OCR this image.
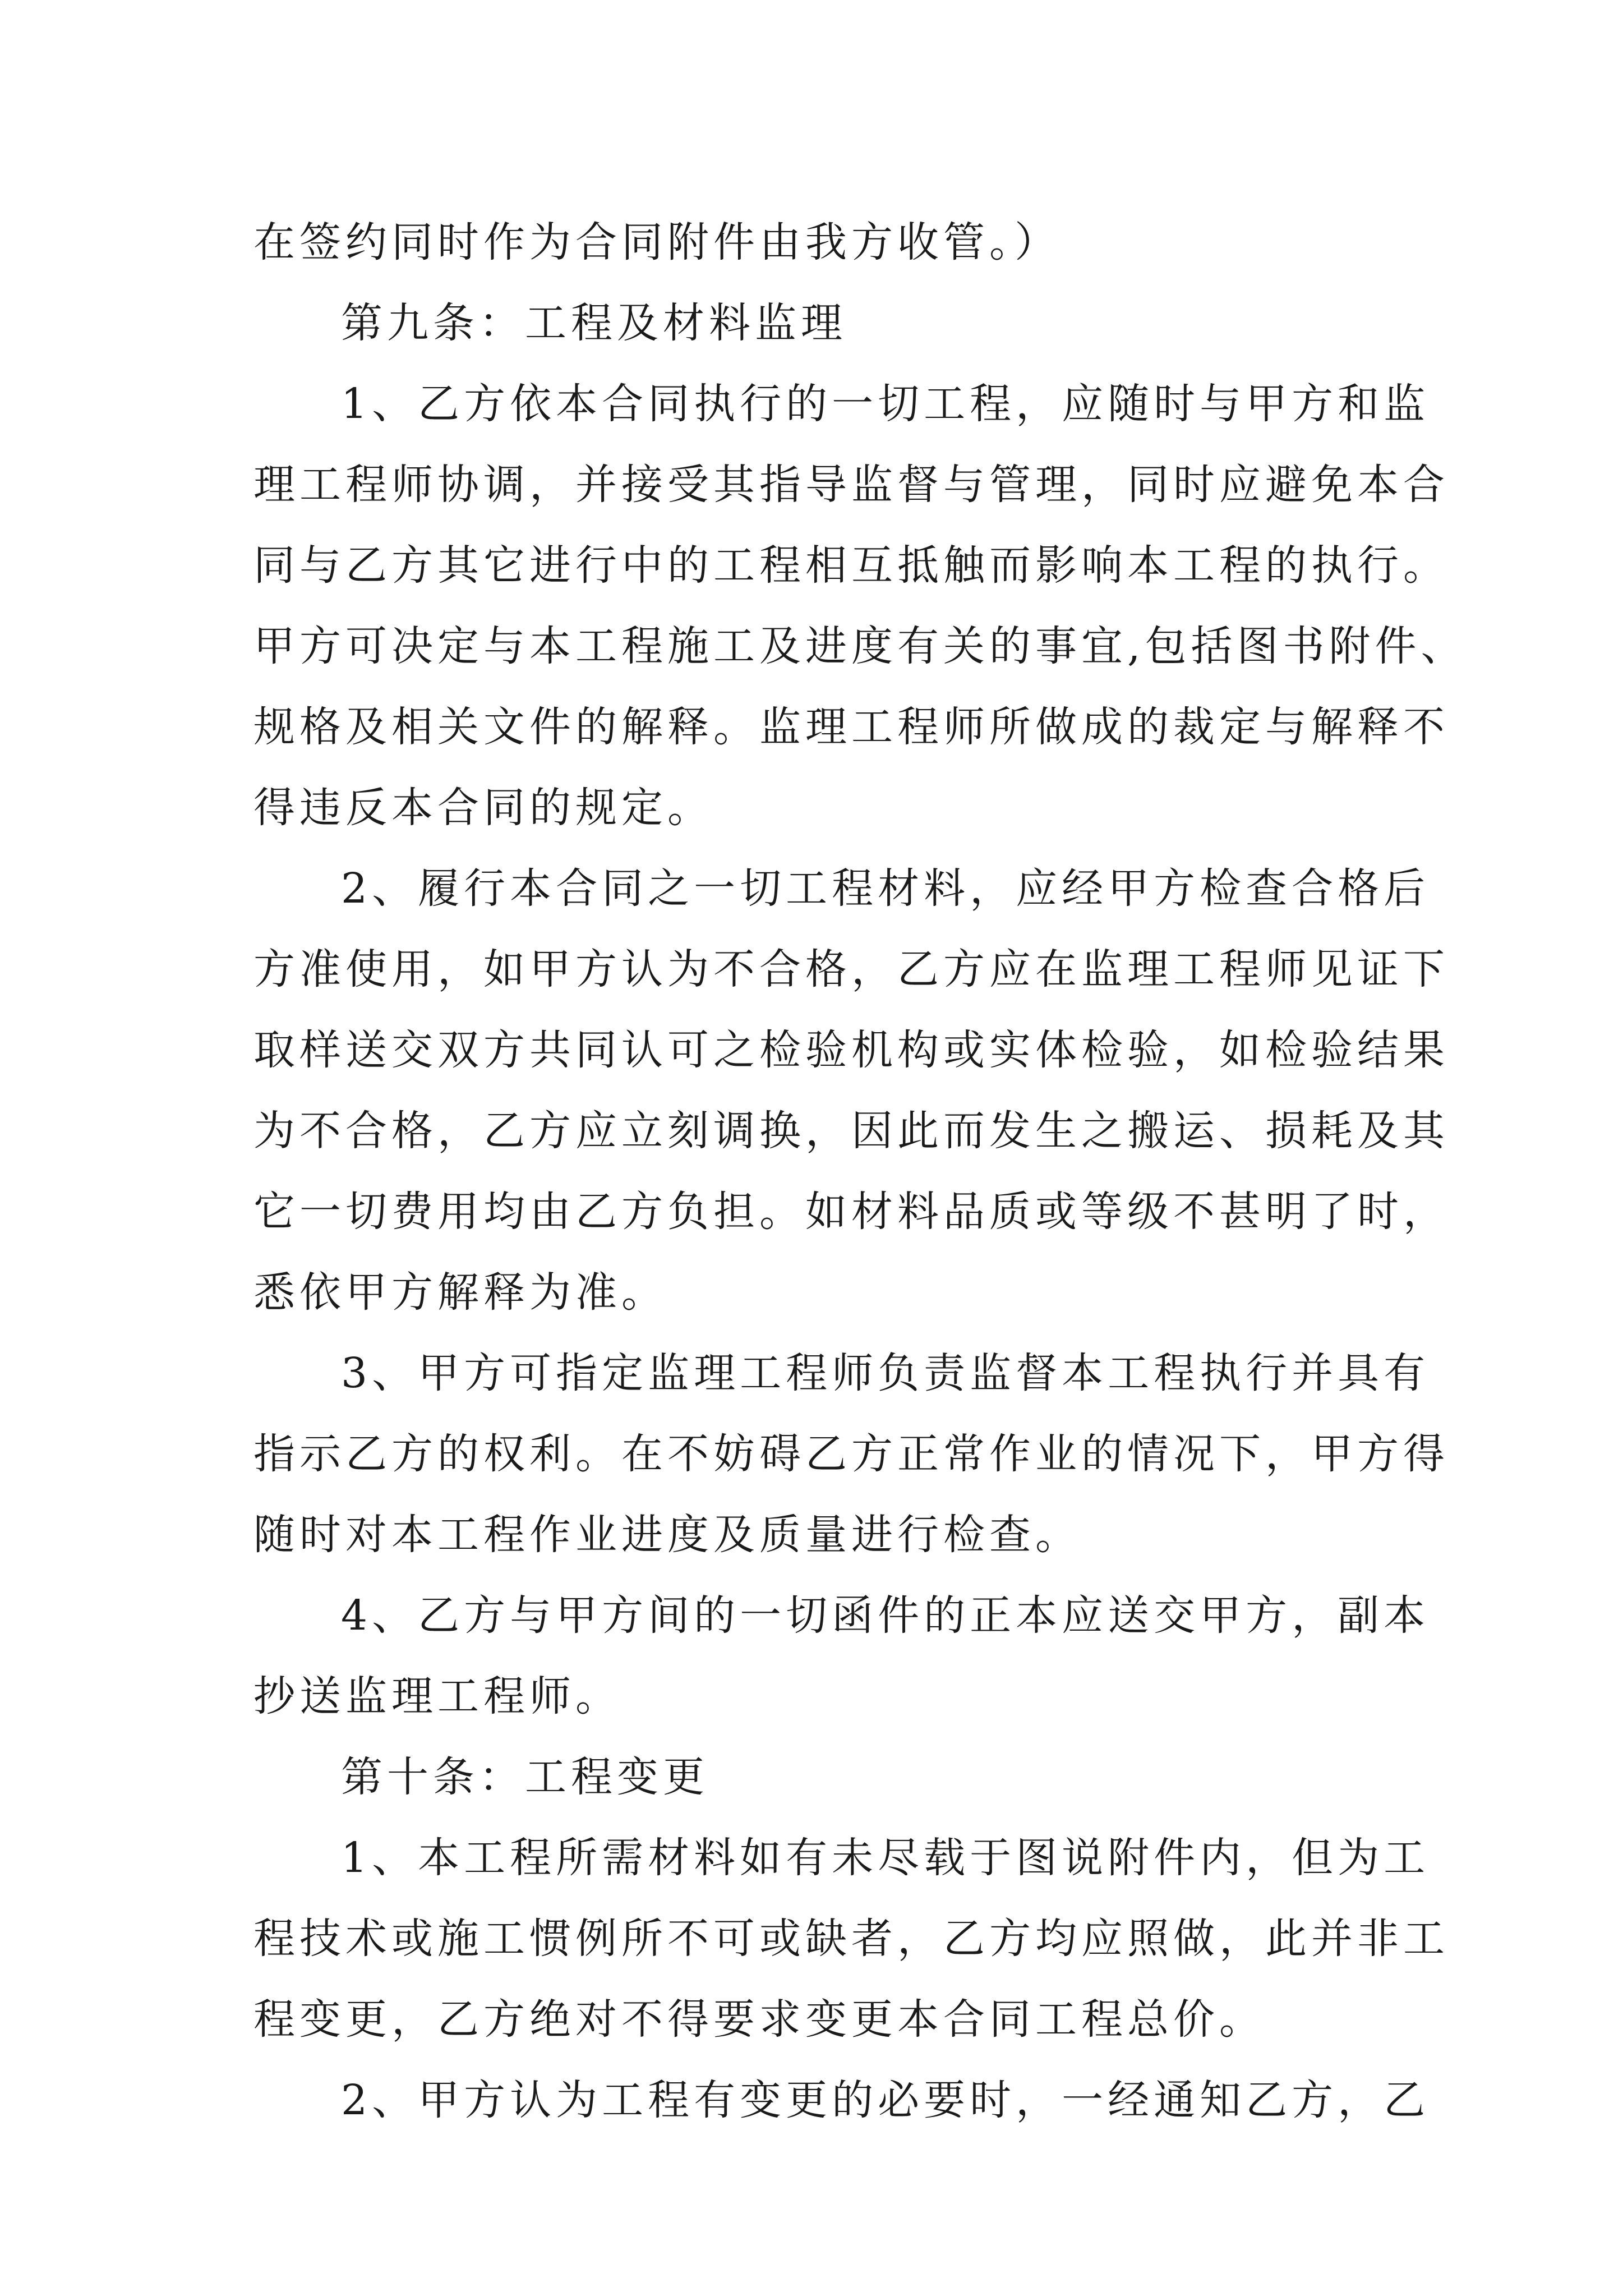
在签约同时作为合同附件由我方收管。）
第九条：工程及材料监理
1、乙方依本合同执行的一切工程，应随时与甲方和监
理工程师协调，并接受其指导监督与管理，同时应避免本合
同与乙方其它进行中的工程相互抵触而影响本工程的执行。
甲方可决定与本工程施工及进度有关的事宜,包括图书附件、
规格及相关文件的解释。监理工程师所做成的裁定与解释不
得违反本合同的规定。
2、履行本合同之一切工程材料，应经甲方检查合格后
方准使用，如甲方认为不合格，乙方应在监理工程师见证下
取样送交双方共同认可之检验机构或实体检验，如检验结果
为不合格，乙方应立刻调换，因此而发生之搬运、损耗及其
它一切费用均由乙方负担。如材料品质或等级不甚明了时，
悉依甲方解释为准。
3、甲方可指定监理工程师负责监督本工程执行并具有
指示乙方的权利。在不妨碍乙方正常作业的情况下，甲方得
随时对本工程作业进度及质量进行检查。
4、乙方与甲方间的一切函件的正本应送交甲方，副本
抄送监理工程师。
第十条：工程变更
1、本工程所需材料如有未尽载于图说附件内，但为工
程技术或施工惯例所不可或缺者，乙方均应照做，此并非工
程变更，乙方绝对不得要求变更本合同工程总价。
2、甲方认为工程有变更的必要时，一经通知乙方，乙
